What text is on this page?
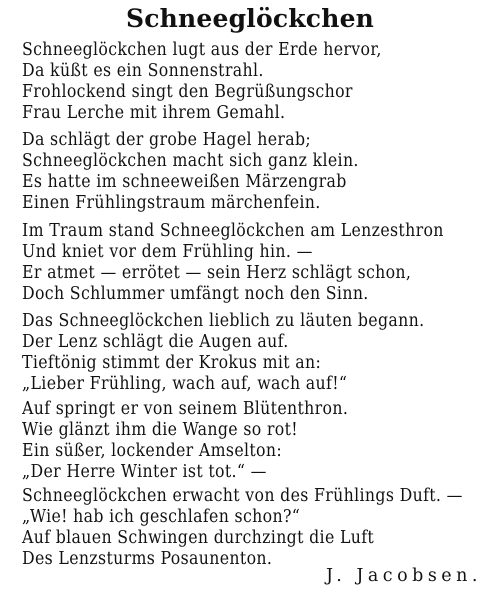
Schneeglöckchen
Schneeglöckchen lugt aus der Erde hervor,
Da küßt es ein Sonnenstrahl.
Frohlockend singt den Begrüßungschor
Frau Lerche mit ihrem Gemahl.
Da schlägt der grobe Hagel herab;
Schneeglöckchen macht sich ganz klein.
Es hatte im schneeweißen Märzengrab
Einen Frühlingstraum märchenfein.
Im Traum stand Schneeglöckchen am Lenzesthron
Und kniet vor dem Frühling hin. —
Er atmet — errötet — sein Herz schlägt schon,
Doch Schlummer umfängt noch den Sinn.
Das Schneeglöckchen lieblich zu läuten begann.
Der Lenz schlägt die Augen auf.
Tieftönig stimmt der Krokus mit an:
„Lieber Frühling, wach auf, wach auf!“
Auf springt er von seinem Blütenthron.
Wie glänzt ihm die Wange so rot!
Ein süßer, lockender Amselton:
„Der Herre Winter ist tot.“ —
Schneeglöckchen erwacht von des Frühlings Duft. —
„Wie! hab ich geschlafen schon?“
Auf blauen Schwingen durchzingt die Luft
Des Lenzsturms Posaunenton.

J. Jacobsen.
